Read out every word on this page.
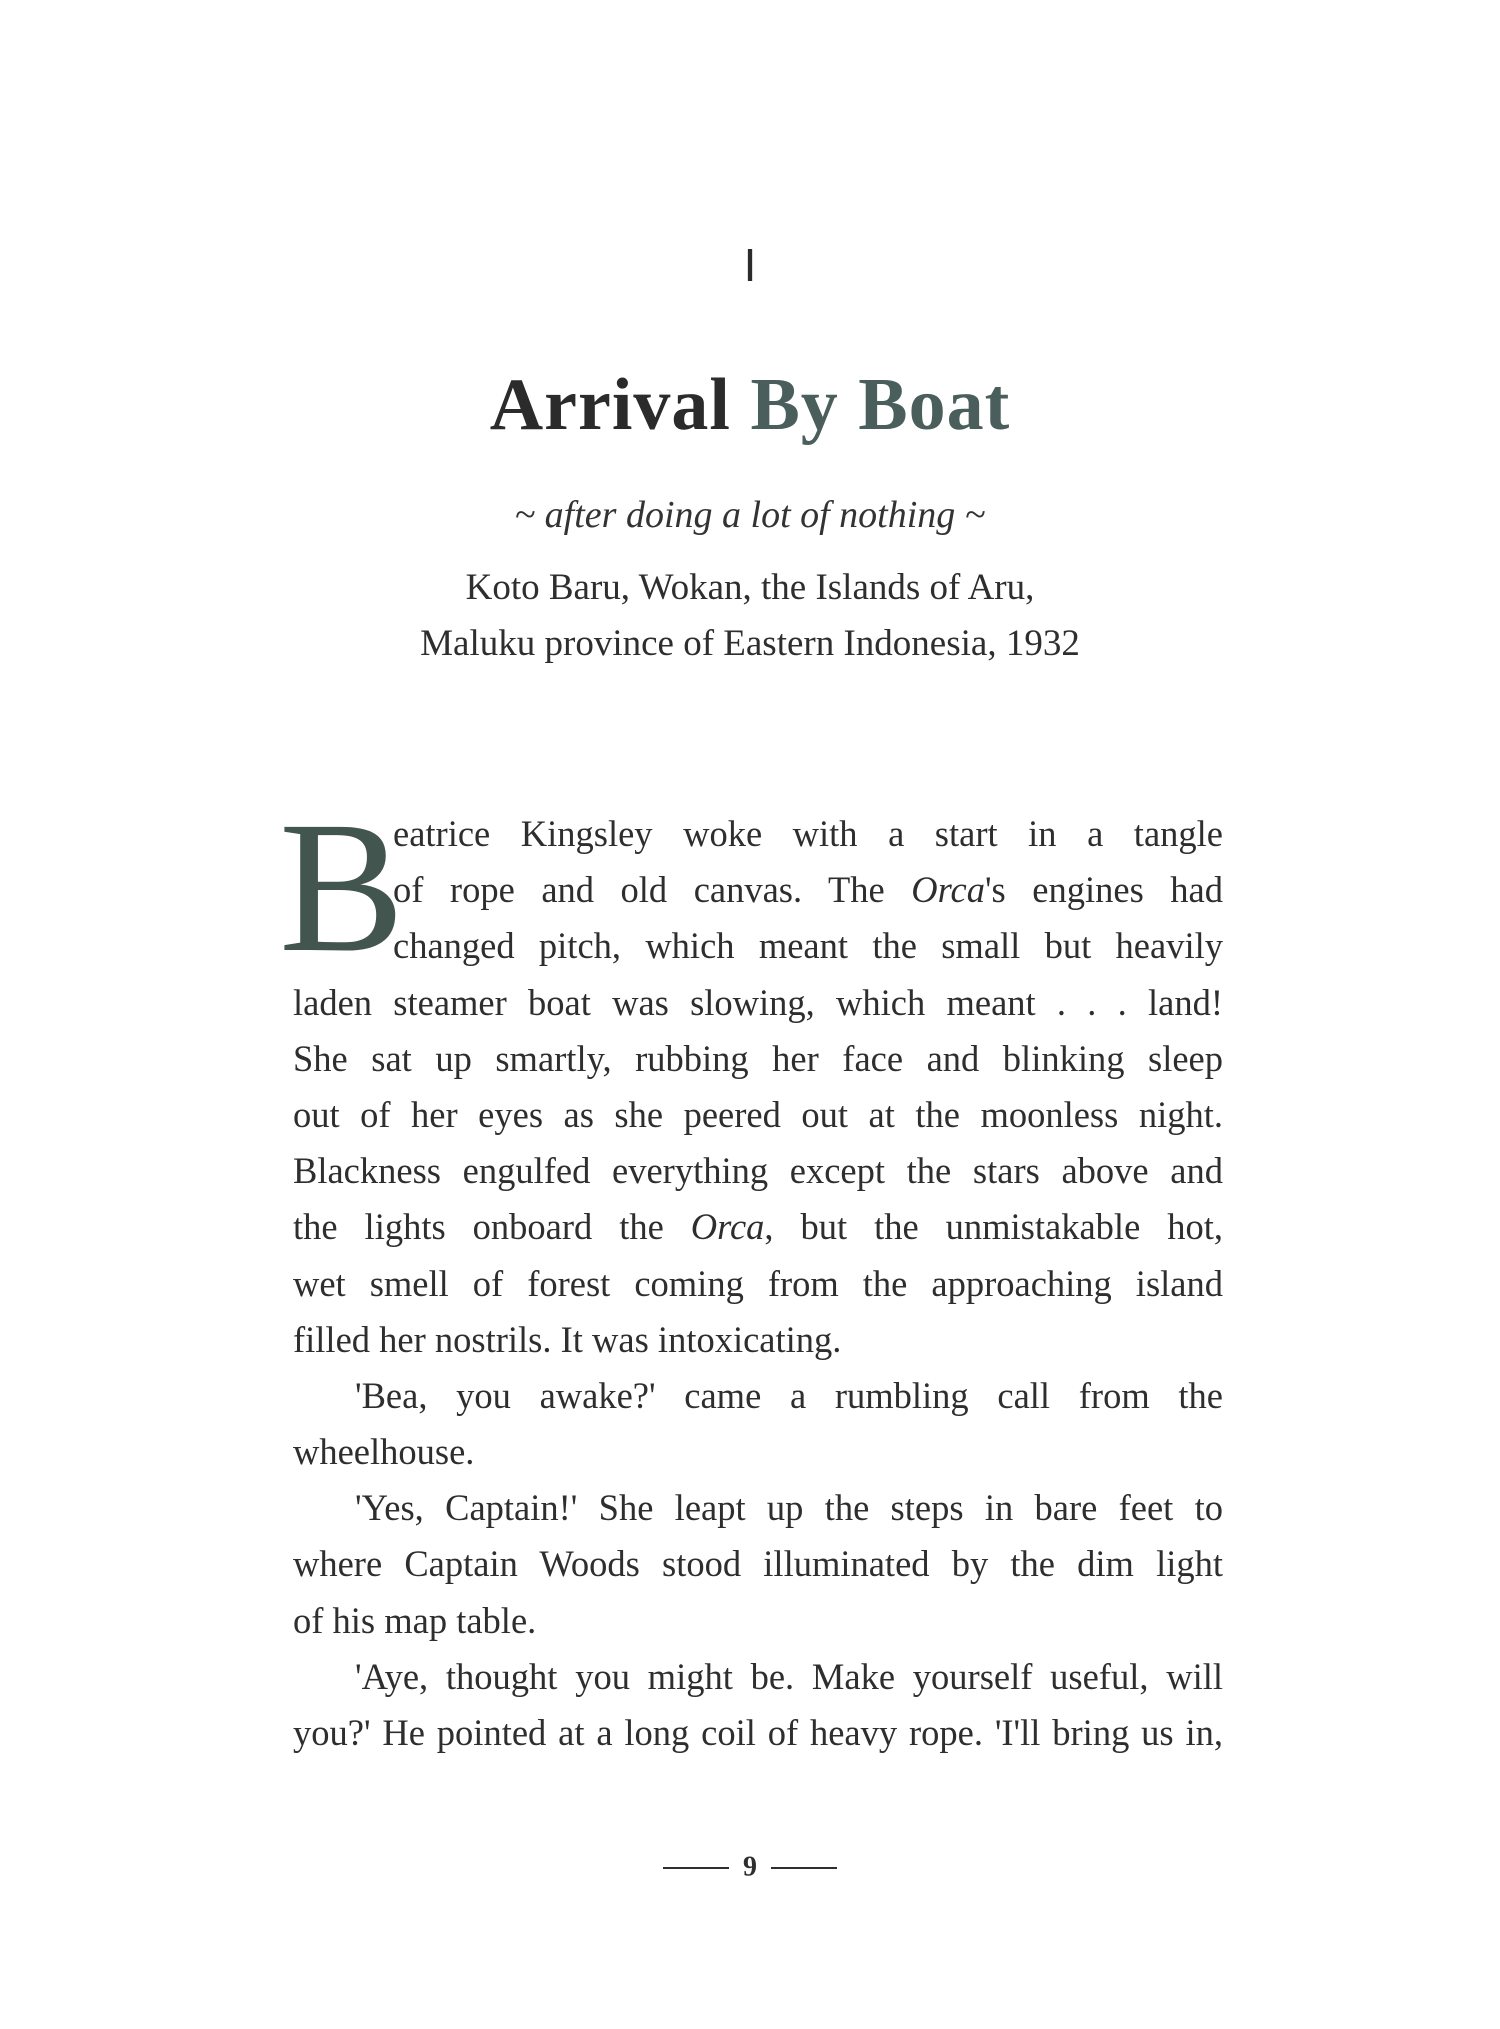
I
Arrival By Boat
~ after doing a lot of nothing ~
Koto Baru, Wokan, the Islands of Aru,
Maluku province of Eastern Indonesia, 1932
B
eatrice Kingsley woke with a start in a tangle
of rope and old canvas. The Orca's engines had
changed pitch, which meant the small but heavily
laden steamer boat was slowing, which meant . . . land!
She sat up smartly, rubbing her face and blinking sleep
out of her eyes as she peered out at the moonless night.
Blackness engulfed everything except the stars above and
the lights onboard the Orca, but the unmistakable hot,
wet smell of forest coming from the approaching island
filled her nostrils. It was intoxicating.
'Bea, you awake?' came a rumbling call from the
wheelhouse.
'Yes, Captain!' She leapt up the steps in bare feet to
where Captain Woods stood illuminated by the dim light
of his map table.
'Aye, thought you might be. Make yourself useful, will
you?' He pointed at a long coil of heavy rope. 'I'll bring us in,
9
